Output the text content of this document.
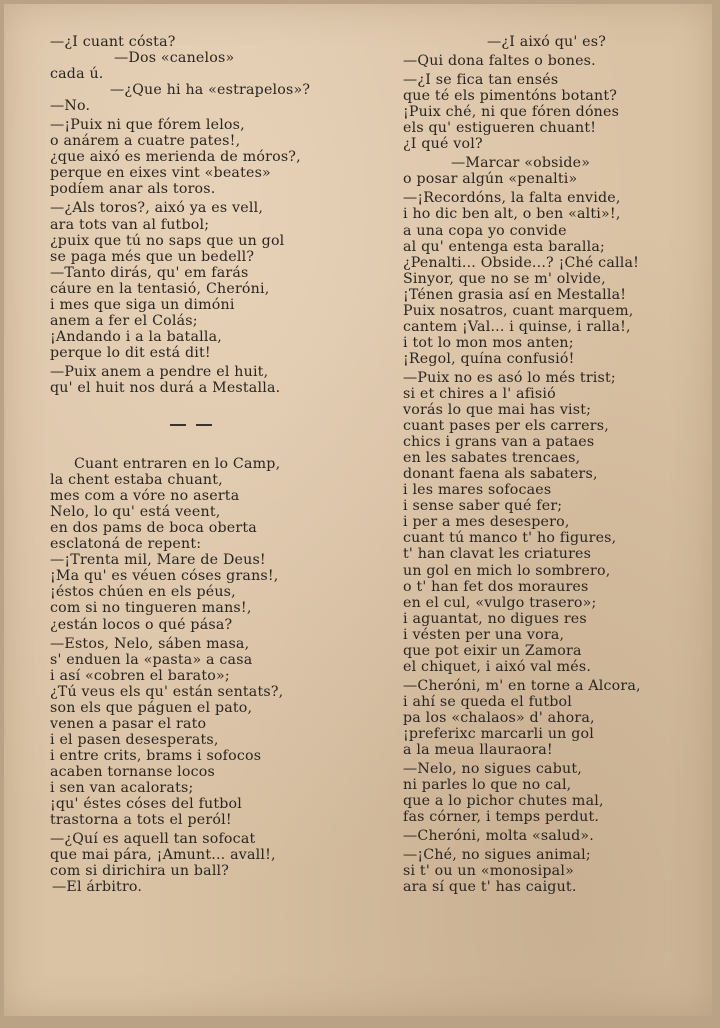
—¿I cuant cósta?
—Dos «canelos»
cada ú.
—¿Que hi ha «estrapelos»?
—No.
—¡Puix ni que fórem lelos,
o anárem a cuatre pates!,
¿que aixó es merienda de móros?,
perque en eixes vint «beates»
podíem anar als toros.
—¿Als toros?, aixó ya es vell,
ara tots van al futbol;
¿puix que tú no saps que un gol
se paga més que un bedell?
—Tanto dirás, qu' em farás
cáure en la tentasió, Cheróni,
i mes que siga un dimóni
anem a fer el Colás;
¡Andando i a la batalla,
perque lo dit está dit!
—Puix anem a pendre el huit,
qu' el huit nos durá a Mestalla.
Cuant entraren en lo Camp,
la chent estaba chuant,
mes com a vóre no aserta
Nelo, lo qu' está veent,
en dos pams de boca oberta
esclatoná de repent:
—¡Trenta mil, Mare de Deus!
¡Ma qu' es véuen cóses grans!,
¡éstos chúen en els péus,
com si no tingueren mans!,
¿están locos o qué pása?
—Estos, Nelo, sáben masa,
s' enduen la «pasta» a casa
i así «cobren el barato»;
¿Tú veus els qu' están sentats?,
son els que páguen el pato,
venen a pasar el rato
i el pasen desesperats,
i entre crits, brams i sofocos
acaben tornanse locos
i sen van acalorats;
¡qu' éstes cóses del futbol
trastorna a tots el peról!
—¿Quí es aquell tan sofocat
que mai pára, ¡Amunt... avall!,
com si dirichira un ball?
—El árbitro.
—¿I aixó qu' es?
—Qui dona faltes o bones.
—¿I se fica tan ensés
que té els pimentóns botant?
¡Puix ché, ni que fóren dónes
els qu' estigueren chuant!
¿I qué vol?
—Marcar «obside»
o posar algún «penalti»
—¡Recordóns, la falta envide,
i ho dic ben alt, o ben «alti»!,
a una copa yo convide
al qu' entenga esta baralla;
¿Penalti... Obside...? ¡Ché calla!
Sinyor, que no se m' olvide,
¡Ténen grasia así en Mestalla!
Puix nosatros, cuant marquem,
cantem ¡Val... i quinse, i ralla!,
i tot lo mon mos anten;
¡Regol, quína confusió!
—Puix no es asó lo més trist;
si et chires a l' afisió
vorás lo que mai has vist;
cuant pases per els carrers,
chics i grans van a pataes
en les sabates trencaes,
donant faena als sabaters,
i les mares sofocaes
i sense saber qué fer;
i per a mes desespero,
cuant tú manco t' ho figures,
t' han clavat les criatures
un gol en mich lo sombrero,
o t' han fet dos moraures
en el cul, «vulgo trasero»;
i aguantat, no digues res
i vésten per una vora,
que pot eixir un Zamora
el chiquet, i aixó val més.
—Cheróni, m' en torne a Alcora,
i ahí se queda el futbol
pa los «chalaos» d' ahora,
¡preferixc marcarli un gol
a la meua llauraora!
—Nelo, no sigues cabut,
ni parles lo que no cal,
que a lo pichor chutes mal,
fas córner, i temps perdut.
—Cheróni, molta «salud».
—¡Ché, no sigues animal;
si t' ou un «monosipal»
ara sí que t' has caigut.
